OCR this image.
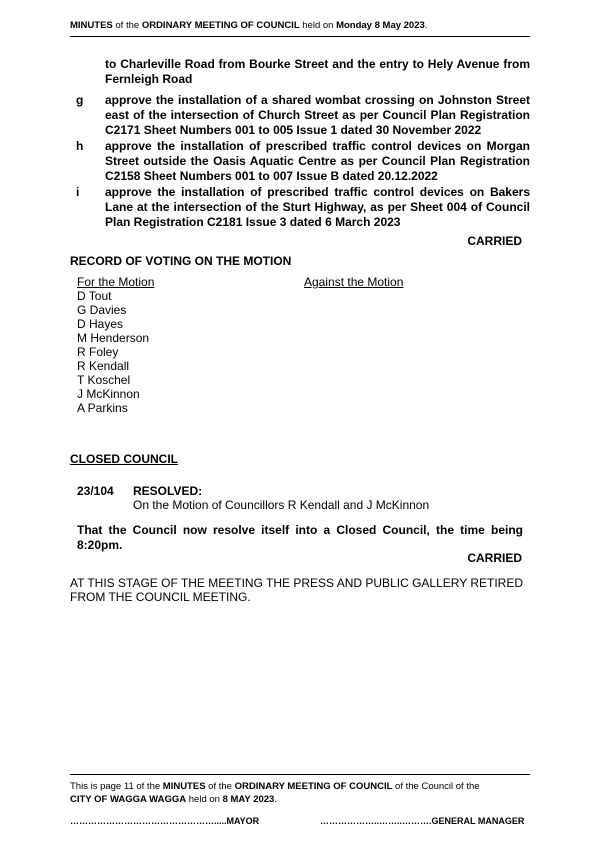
MINUTES of the ORDINARY MEETING OF COUNCIL held on Monday 8 May 2023.
to Charleville Road from Bourke Street and the entry to Hely Avenue from Fernleigh Road
g approve the installation of a shared wombat crossing on Johnston Street east of the intersection of Church Street as per Council Plan Registration C2171 Sheet Numbers 001 to 005 Issue 1 dated 30 November 2022
h approve the installation of prescribed traffic control devices on Morgan Street outside the Oasis Aquatic Centre as per Council Plan Registration C2158 Sheet Numbers 001 to 007 Issue B dated 20.12.2022
i approve the installation of prescribed traffic control devices on Bakers Lane at the intersection of the Sturt Highway, as per Sheet 004 of Council Plan Registration C2181 Issue 3 dated 6 March 2023
CARRIED
RECORD OF VOTING ON THE MOTION
For the Motion
D Tout
G Davies
D Hayes
M Henderson
R Foley
R Kendall
T Koschel
J McKinnon
A Parkins
Against the Motion
CLOSED COUNCIL
23/104 RESOLVED:
On the Motion of Councillors R Kendall and J McKinnon
That the Council now resolve itself into a Closed Council, the time being 8:20pm.
CARRIED
AT THIS STAGE OF THE MEETING THE PRESS AND PUBLIC GALLERY RETIRED FROM THE COUNCIL MEETING.
This is page 11 of the MINUTES of the ORDINARY MEETING OF COUNCIL of the Council of the
CITY OF WAGGA WAGGA held on 8 MAY 2023.
………………………………………….....MAYOR	………………..……..……….GENERAL MANAGER
